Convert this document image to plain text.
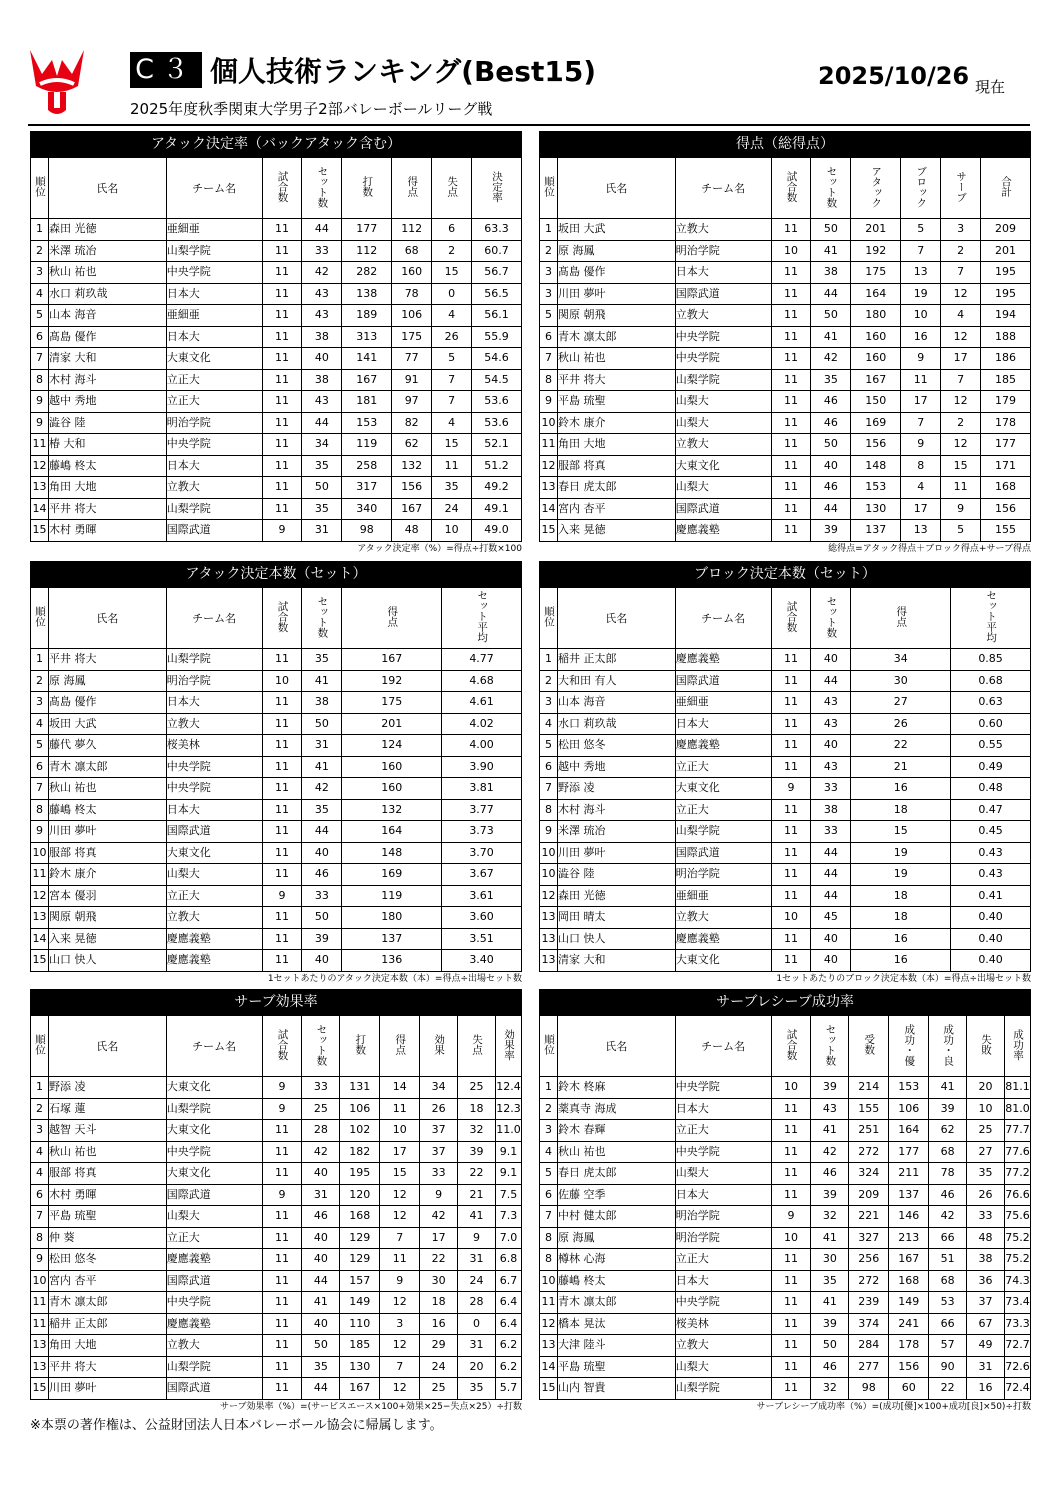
C３ 個人技術ランキング(Best15)	2025/10/26 現在
2025年度秋季関東大学男子2部バレーボールリーグ戦
アタック決定率（バックアタック含む）
順位	氏名	チーム名	試合数	セット数	打数	得点	失点	決定率
1	森田 光徳	亜細亜	11	44	177	112	6	63.3
2	米澤 琉冶	山梨学院	11	33	112	68	2	60.7
3	秋山 祐也	中央学院	11	42	282	160	15	56.7
4	水口 莉玖哉	日本大	11	43	138	78	0	56.5
5	山本 海音	亜細亜	11	43	189	106	4	56.1
6	髙島 優作	日本大	11	38	313	175	26	55.9
7	清家 大和	大東文化	11	40	141	77	5	54.6
8	木村 海斗	立正大	11	38	167	91	7	54.5
9	越中 秀地	立正大	11	43	181	97	7	53.6
9	澁谷 陸	明治学院	11	44	153	82	4	53.6
11	椿 大和	中央学院	11	34	119	62	15	52.1
12	藤嶋 柊太	日本大	11	35	258	132	11	51.2
13	角田 大地	立教大	11	50	317	156	35	49.2
14	平井 将大	山梨学院	11	35	340	167	24	49.1
15	木村 勇暉	国際武道	9	31	98	48	10	49.0
アタック決定率（%）=得点÷打数×100
得点（総得点）
順位	氏名	チーム名	試合数	セット数	アタック	ブロック	サーブ	合計
1	坂田 大武	立教大	11	50	201	5	3	209
2	原 海鳳	明治学院	10	41	192	7	2	201
3	髙島 優作	日本大	11	38	175	13	7	195
3	川田 夢叶	国際武道	11	44	164	19	12	195
5	関原 朝飛	立教大	11	50	180	10	4	194
6	青木 凛太郎	中央学院	11	41	160	16	12	188
7	秋山 祐也	中央学院	11	42	160	9	17	186
8	平井 将大	山梨学院	11	35	167	11	7	185
9	平島 琉聖	山梨大	11	46	150	17	12	179
10	鈴木 康介	山梨大	11	46	169	7	2	178
11	角田 大地	立教大	11	50	156	9	12	177
12	服部 将真	大東文化	11	40	148	8	15	171
13	春日 虎太郎	山梨大	11	46	153	4	11	168
14	宮内 杏平	国際武道	11	44	130	17	9	156
15	入来 晃徳	慶應義塾	11	39	137	13	5	155
総得点=アタック得点＋ブロック得点+サーブ得点
アタック決定本数（セット）
順位	氏名	チーム名	試合数	セット数	得点	セット平均
1	平井 将大	山梨学院	11	35	167	4.77
2	原 海鳳	明治学院	10	41	192	4.68
3	髙島 優作	日本大	11	38	175	4.61
4	坂田 大武	立教大	11	50	201	4.02
5	藤代 夢久	桜美林	11	31	124	4.00
6	青木 凛太郎	中央学院	11	41	160	3.90
7	秋山 祐也	中央学院	11	42	160	3.81
8	藤嶋 柊太	日本大	11	35	132	3.77
9	川田 夢叶	国際武道	11	44	164	3.73
10	服部 将真	大東文化	11	40	148	3.70
11	鈴木 康介	山梨大	11	46	169	3.67
12	宮本 優羽	立正大	9	33	119	3.61
13	関原 朝飛	立教大	11	50	180	3.60
14	入来 晃徳	慶應義塾	11	39	137	3.51
15	山口 快人	慶應義塾	11	40	136	3.40
1セットあたりのアタック決定本数（本）=得点÷出場セット数
ブロック決定本数（セット）
順位	氏名	チーム名	試合数	セット数	得点	セット平均
1	稲井 正太郎	慶應義塾	11	40	34	0.85
2	大和田 有人	国際武道	11	44	30	0.68
3	山本 海音	亜細亜	11	43	27	0.63
4	水口 莉玖哉	日本大	11	43	26	0.60
5	松田 悠冬	慶應義塾	11	40	22	0.55
6	越中 秀地	立正大	11	43	21	0.49
7	野添 凌	大東文化	9	33	16	0.48
8	木村 海斗	立正大	11	38	18	0.47
9	米澤 琉冶	山梨学院	11	33	15	0.45
10	川田 夢叶	国際武道	11	44	19	0.43
10	澁谷 陸	明治学院	11	44	19	0.43
12	森田 光徳	亜細亜	11	44	18	0.41
13	岡田 晴太	立教大	10	45	18	0.40
13	山口 快人	慶應義塾	11	40	16	0.40
13	清家 大和	大東文化	11	40	16	0.40
1セットあたりのブロック決定本数（本）=得点÷出場セット数
サーブ効果率
順位	氏名	チーム名	試合数	セット数	打数	得点	効果	失点	効果率
1	野添 凌	大東文化	9	33	131	14	34	25	12.4
2	石塚 蓮	山梨学院	9	25	106	11	26	18	12.3
3	越智 天斗	大東文化	11	28	102	10	37	32	11.0
4	秋山 祐也	中央学院	11	42	182	17	37	39	9.1
4	服部 将真	大東文化	11	40	195	15	33	22	9.1
6	木村 勇暉	国際武道	9	31	120	12	9	21	7.5
7	平島 琉聖	山梨大	11	46	168	12	42	41	7.3
8	仲 葵	立正大	11	40	129	7	17	9	7.0
9	松田 悠冬	慶應義塾	11	40	129	11	22	31	6.8
10	宮内 杏平	国際武道	11	44	157	9	30	24	6.7
11	青木 凛太郎	中央学院	11	41	149	12	18	28	6.4
11	稲井 正太郎	慶應義塾	11	40	110	3	16	0	6.4
13	角田 大地	立教大	11	50	185	12	29	31	6.2
13	平井 将大	山梨学院	11	35	130	7	24	20	6.2
15	川田 夢叶	国際武道	11	44	167	12	25	35	5.7
サーブ効果率（%）=(サービスエース×100+効果×25−失点×25）÷打数
サーブレシーブ成功率
順位	氏名	チーム名	試合数	セット数	受数	成功・優	成功・良	失敗	成功率
1	鈴木 柊麻	中央学院	10	39	214	153	41	20	81.1
2	薬真寺 海成	日本大	11	43	155	106	39	10	81.0
3	鈴木 春輝	立正大	11	41	251	164	62	25	77.7
4	秋山 祐也	中央学院	11	42	272	177	68	27	77.6
5	春日 虎太郎	山梨大	11	46	324	211	78	35	77.2
6	佐藤 空季	日本大	11	39	209	137	46	26	76.6
7	中村 健太郎	明治学院	9	32	221	146	42	33	75.6
8	原 海鳳	明治学院	10	41	327	213	66	48	75.2
8	樽林 心海	立正大	11	30	256	167	51	38	75.2
10	藤嶋 柊太	日本大	11	35	272	168	68	36	74.3
11	青木 凛太郎	中央学院	11	41	239	149	53	37	73.4
12	橋本 晃汰	桜美林	11	39	374	241	66	67	73.3
13	大津 陸斗	立教大	11	50	284	178	57	49	72.7
14	平島 琉聖	山梨大	11	46	277	156	90	31	72.6
15	山内 智貴	山梨学院	11	32	98	60	22	16	72.4
サーブレシーブ成功率（%）=(成功[優]×100+成功[良]×50)÷打数
※本票の著作権は、公益財団法人日本バレーボール協会に帰属します。
